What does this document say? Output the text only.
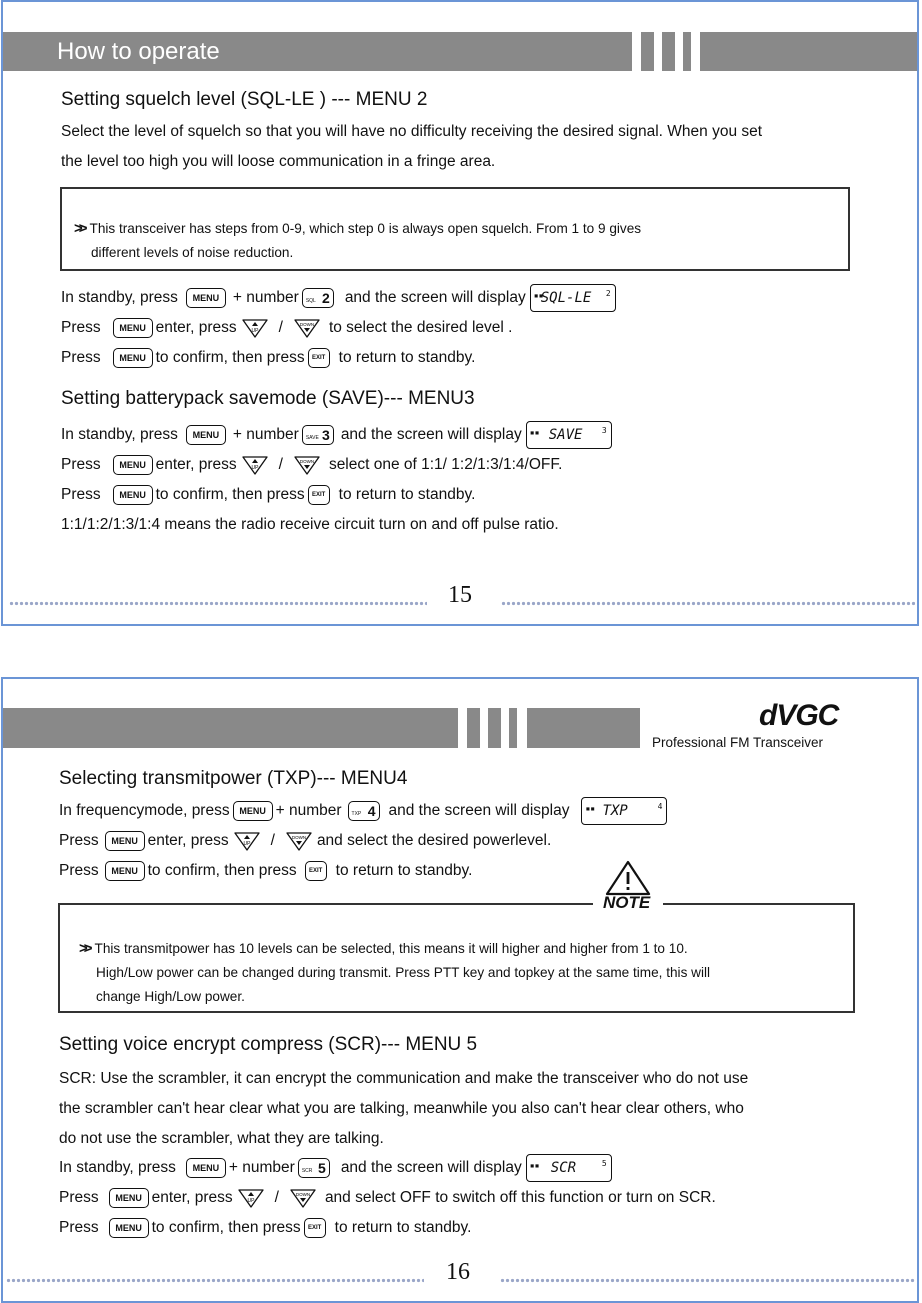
How to operate
Setting squelch level (SQL-LE ) --- MENU 2
Select the level of squelch so that you will have no difficulty receiving the desired signal. When you set
the level too high you will loose communication in a fringe area.
>> This transceiver has steps from 0-9, which step 0 is always open squelch. From 1 to 9 gives
different levels of noise reduction.
In standby, press	MENU + number SQL 2 and the screen will display ▪▪
SQL-LE 2
Press	MENU enter, press	/	to select the desired level .
Press	MENU to confirm, then press	EXIT to return to standby.
Setting batterypack savemode (SAVE)--- MENU3
In standby, press	MENU + number SAVE 3 and the screen will display ▪▪ SAVE 3
Press	MENU enter, press	/	select one of 1:1/ 1:2/1:3/1:4/OFF.
Press	MENU to confirm, then press	EXIT to return to standby.
1:1/1:2/1:3/1:4 means the radio receive circuit turn on and off pulse ratio.
15
dVGC
Professional FM Transceiver
Selecting transmitpower (TXP)--- MENU4
In frequencymode, press	MENU + number TXP 4 and the screen will display ▪▪ TXP	4
Press	MENU enter, press	/	and select the desired powerlevel.
Press	MENU to confirm, then press	EXIT to return to standby.
>> This transmitpower has 10 levels can be selected, this means it will higher and higher from 1 to 10.
High/Low power can be changed during transmit. Press PTT key and topkey at the same time, this will
change High/Low power.
NOTE
Setting voice encrypt compress (SCR)--- MENU 5
SCR: Use the scrambler, it can encrypt the communication and make the transceiver who do not use
the scrambler can't hear clear what you are talking, meanwhile you also can't hear clear others, who
do not use the scrambler, what they are talking.
In standby, press	MENU + number SCR 5 and the screen will display ▪▪ SCR	5
Press	MENU enter, press	/	and select OFF to switch off this function or turn on SCR.
Press	MENU to confirm, then press	EXIT to return to standby.
16
